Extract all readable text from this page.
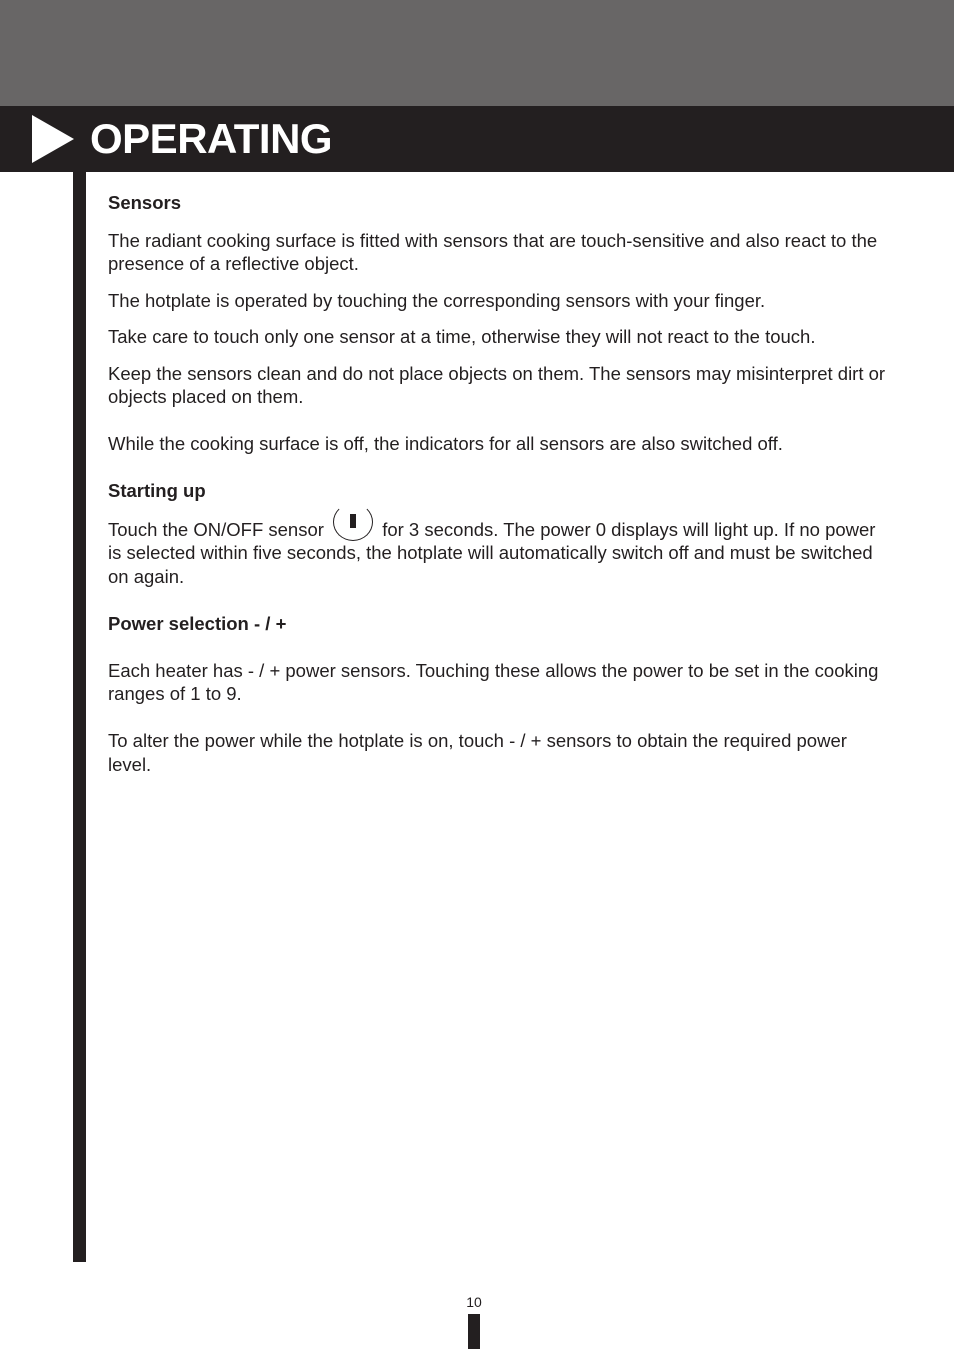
OPERATING

Sensors

The radiant cooking surface is fitted with sensors that are touch-sensitive and also react to the presence of a reflective object.

The hotplate is operated by touching the corresponding sensors with your finger.

Take care to touch only one sensor at a time, otherwise they will not react to the touch.

Keep the sensors clean and do not place objects on them. The sensors may misinterpret dirt or objects placed on them.

While the cooking surface is off, the indicators for all sensors are also switched off.

Starting up

Touch the ON/OFF sensor	for 3 seconds. The power 0 displays will light up. If no power is selected within five seconds, the hotplate will automatically switch off and must be switched on again.

Power selection - / +

Each heater has - / + power sensors. Touching these allows the power to be set in the cooking ranges of 1 to 9.

To alter the power while the hotplate is on, touch - / + sensors to obtain the required power level.

10
